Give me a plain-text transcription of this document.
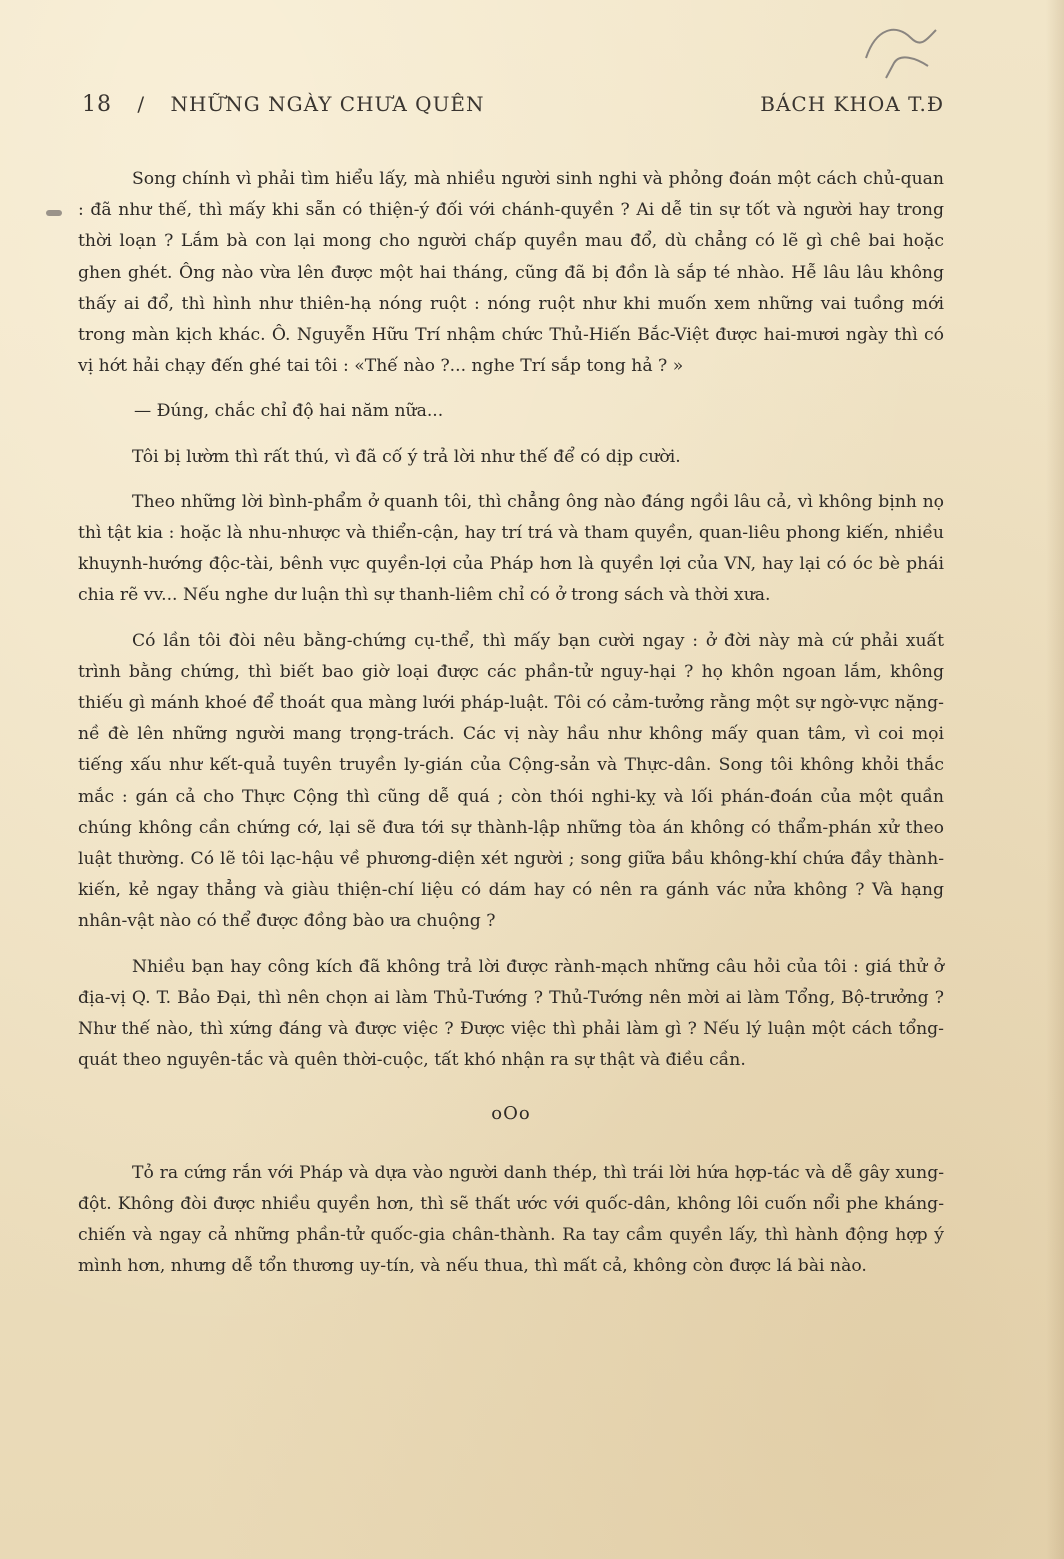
18 / NHỮNG NGÀY CHƯA QUÊN	BÁCH KHOA T.Đ

Song chính vì phải tìm hiểu lấy, mà nhiều người sinh nghi và phỏng đoán một cách chủ-quan : đã như thế, thì mấy khi sẵn có thiện-ý đối với chánh-quyền ? Ai dễ tin sự tốt và người hay trong thời loạn ? Lắm bà con lại mong cho người chấp quyền mau đổ, dù chẳng có lẽ gì chê bai hoặc ghen ghét. Ông nào vừa lên được một hai tháng, cũng đã bị đồn là sắp té nhào. Hễ lâu lâu không thấy ai đổ, thì hình như thiên-hạ nóng ruột : nóng ruột như khi muốn xem những vai tuồng mới trong màn kịch khác. Ô. Nguyễn Hữu Trí nhậm chức Thủ-Hiến Bắc-Việt được hai-mươi ngày thì có vị hớt hải chạy đến ghé tai tôi : «Thế nào ?... nghe Trí sắp tong hả ? »

— Đúng, chắc chỉ độ hai năm nữa...

Tôi bị lườm thì rất thú, vì đã cố ý trả lời như thế để có dịp cười.

Theo những lời bình-phẩm ở quanh tôi, thì chẳng ông nào đáng ngồi lâu cả, vì không bịnh nọ thì tật kia : hoặc là nhu-nhược và thiển-cận, hay trí trá và tham quyền, quan-liêu phong kiến, nhiều khuynh-hướng độc-tài, bênh vực quyền-lợi của Pháp hơn là quyền lợi của VN, hay lại có óc bè phái chia rẽ vv... Nếu nghe dư luận thì sự thanh-liêm chỉ có ở trong sách và thời xưa.

Có lần tôi đòi nêu bằng-chứng cụ-thể, thì mấy bạn cười ngay : ở đời này mà cứ phải xuất trình bằng chứng, thì biết bao giờ loại được các phần-tử nguy-hại ? họ khôn ngoan lắm, không thiếu gì mánh khoé để thoát qua màng lưới pháp-luật. Tôi có cảm-tưởng rằng một sự ngờ-vực nặng-nề đè lên những người mang trọng-trách. Các vị này hầu như không mấy quan tâm, vì coi mọi tiếng xấu như kết-quả tuyên truyền ly-gián của Cộng-sản và Thực-dân. Song tôi không khỏi thắc mắc : gán cả cho Thực Cộng thì cũng dễ quá ; còn thói nghi-kỵ và lối phán-đoán của một quần chúng không cần chứng cớ, lại sẽ đưa tới sự thành-lập những tòa án không có thẩm-phán xử theo luật thường. Có lẽ tôi lạc-hậu về phương-diện xét người ; song giữa bầu không-khí chứa đầy thành-kiến, kẻ ngay thẳng và giàu thiện-chí liệu có dám hay có nên ra gánh vác nửa không ? Và hạng nhân-vật nào có thể được đồng bào ưa chuộng ?

Nhiều bạn hay công kích đã không trả lời được rành-mạch những câu hỏi của tôi : giá thử ở địa-vị Q. T. Bảo Đại, thì nên chọn ai làm Thủ-Tướng ? Thủ-Tướng nên mời ai làm Tổng, Bộ-trưởng ? Như thế nào, thì xứng đáng và được việc ? Được việc thì phải làm gì ? Nếu lý luận một cách tổng-quát theo nguyên-tắc và quên thời-cuộc, tất khó nhận ra sự thật và điều cần.

oOo

Tỏ ra cứng rắn với Pháp và dựa vào người danh thép, thì trái lời hứa hợp-tác và dễ gây xung-đột. Không đòi được nhiều quyền hơn, thì sẽ thất ước với quốc-dân, không lôi cuốn nổi phe kháng-chiến và ngay cả những phần-tử quốc-gia chân-thành. Ra tay cầm quyền lấy, thì hành động hợp ý mình hơn, nhưng dễ tổn thương uy-tín, và nếu thua, thì mất cả, không còn được lá bài nào.
